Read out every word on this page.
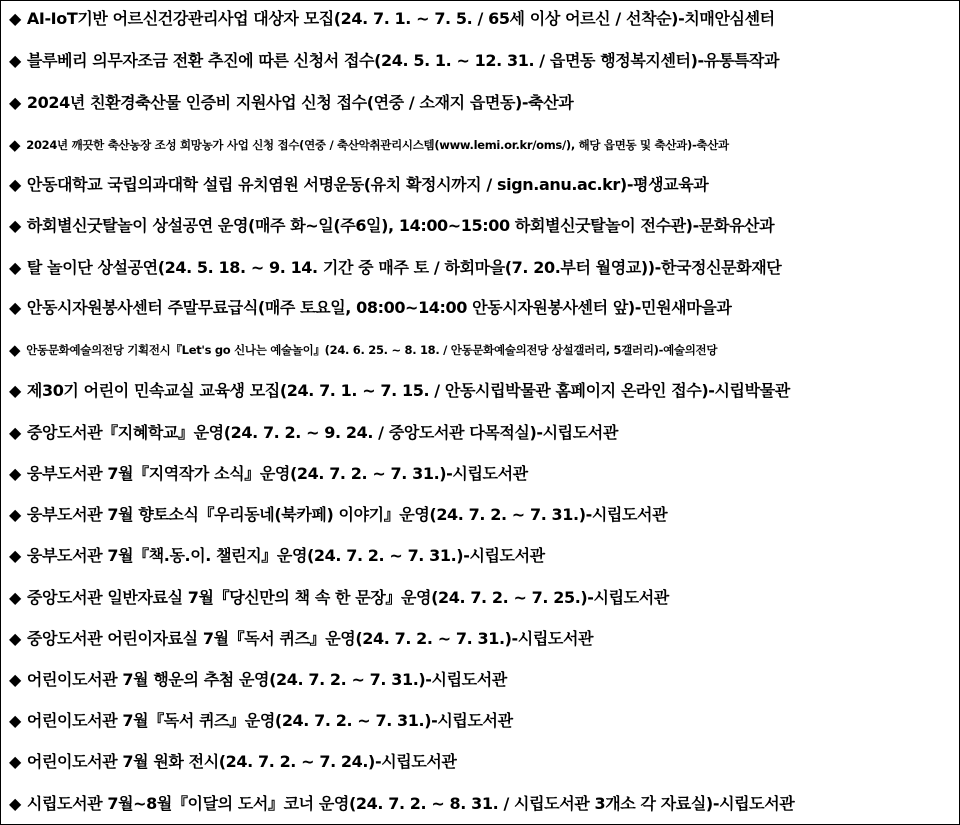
◆ AI-IoT기반 어르신건강관리사업 대상자 모집(24. 7. 1. ~ 7. 5. / 65세 이상 어르신 / 선착순)-치매안심센터
◆ 블루베리 의무자조금 전환 추진에 따른 신청서 접수(24. 5. 1. ~ 12. 31. / 읍면동 행정복지센터)-유통특작과
◆ 2024년 친환경축산물 인증비 지원사업 신청 접수(연중 / 소재지 읍면동)-축산과
◆ 2024년 깨끗한 축산농장 조성 희망농가 사업 신청 접수(연중 / 축산악취관리시스템(www.lemi.or.kr/oms/), 해당 읍면동 및 축산과)-축산과
◆ 안동대학교 국립의과대학 설립 유치염원 서명운동(유치 확정시까지 / sign.anu.ac.kr)-평생교육과
◆ 하회별신굿탈놀이 상설공연 운영(매주 화~일(주6일), 14:00~15:00 하회별신굿탈놀이 전수관)-문화유산과
◆ 탈 놀이단 상설공연(24. 5. 18. ~ 9. 14. 기간 중 매주 토 / 하회마을(7. 20.부터 월영교))-한국정신문화재단
◆ 안동시자원봉사센터 주말무료급식(매주 토요일, 08:00~14:00 안동시자원봉사센터 앞)-민원새마을과
◆ 안동문화예술의전당 기획전시『Let's go 신나는 예술놀이』(24. 6. 25. ~ 8. 18. / 안동문화예술의전당 상설갤러리, 5갤러리)-예술의전당
◆ 제30기 어린이 민속교실 교육생 모집(24. 7. 1. ~ 7. 15. / 안동시립박물관 홈페이지 온라인 접수)-시립박물관
◆ 중앙도서관『지혜학교』운영(24. 7. 2. ~ 9. 24. / 중앙도서관 다목적실)-시립도서관
◆ 웅부도서관 7월『지역작가 소식』운영(24. 7. 2. ~ 7. 31.)-시립도서관
◆ 웅부도서관 7월 향토소식『우리동네(북카페) 이야기』운영(24. 7. 2. ~ 7. 31.)-시립도서관
◆ 웅부도서관 7월『책.동.이. 챌린지』운영(24. 7. 2. ~ 7. 31.)-시립도서관
◆ 중앙도서관 일반자료실 7월『당신만의 책 속 한 문장』운영(24. 7. 2. ~ 7. 25.)-시립도서관
◆ 중앙도서관 어린이자료실 7월『독서 퀴즈』운영(24. 7. 2. ~ 7. 31.)-시립도서관
◆ 어린이도서관 7월 행운의 추첨 운영(24. 7. 2. ~ 7. 31.)-시립도서관
◆ 어린이도서관 7월『독서 퀴즈』운영(24. 7. 2. ~ 7. 31.)-시립도서관
◆ 어린이도서관 7월 원화 전시(24. 7. 2. ~ 7. 24.)-시립도서관
◆ 시립도서관 7월~8월『이달의 도서』코너 운영(24. 7. 2. ~ 8. 31. / 시립도서관 3개소 각 자료실)-시립도서관
